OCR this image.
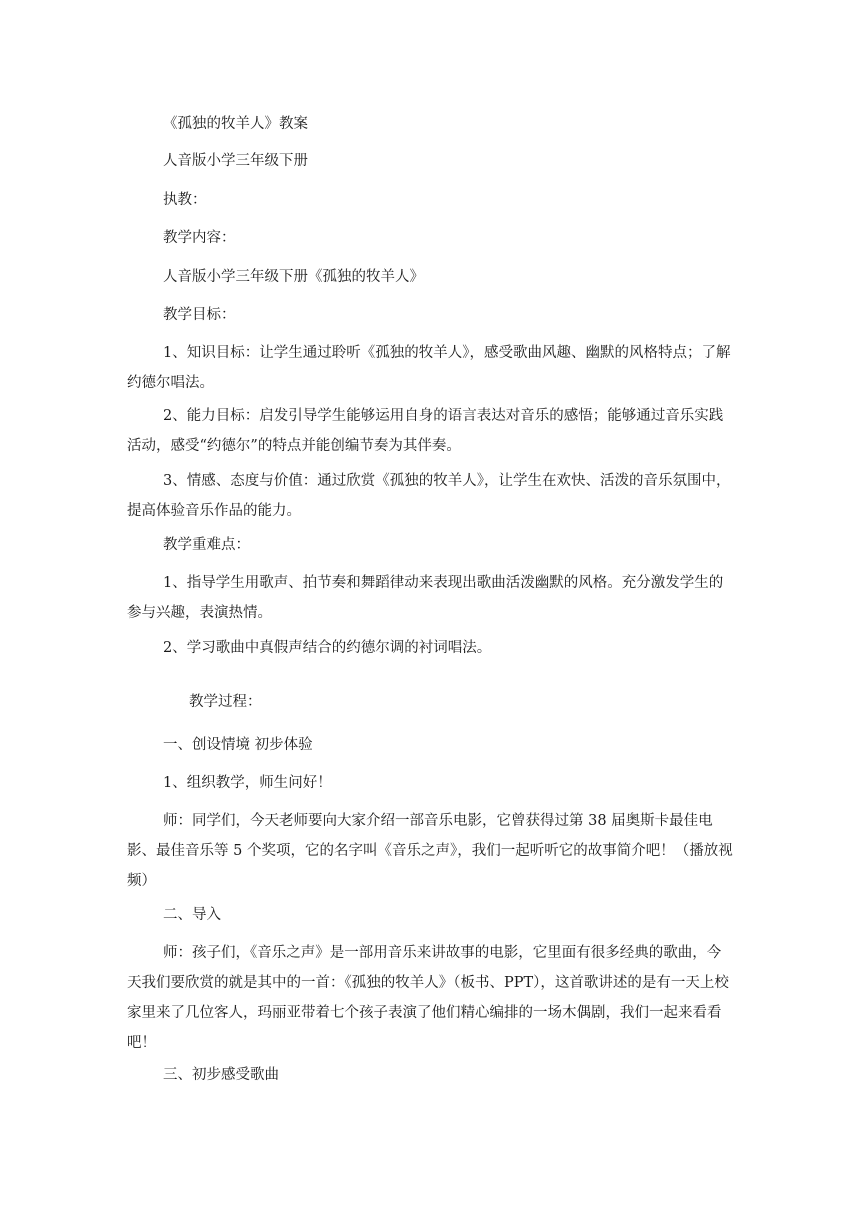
《孤独的牧羊人》教案
人音版小学三年级下册
执教：
教学内容：
人音版小学三年级下册《孤独的牧羊人》
教学目标：
1、知识目标：让学生通过聆听《孤独的牧羊人》，感受歌曲风趣、幽默的风格特点；了解约德尔唱法。
2、能力目标：启发引导学生能够运用自身的语言表达对音乐的感悟；能够通过音乐实践活动，感受“约德尔”的特点并能创编节奏为其伴奏。
3、情感、态度与价值：通过欣赏《孤独的牧羊人》，让学生在欢快、活泼的音乐氛围中，提高体验音乐作品的能力。
教学重难点：
1、指导学生用歌声、拍节奏和舞蹈律动来表现出歌曲活泼幽默的风格。充分激发学生的参与兴趣，表演热情。
2、学习歌曲中真假声结合的约德尔调的衬词唱法。
教学过程：
一、创设情境 初步体验
1、组织教学，师生问好！
师：同学们，今天老师要向大家介绍一部音乐电影，它曾获得过第 38 届奥斯卡最佳电影、最佳音乐等 5 个奖项，它的名字叫《音乐之声》，我们一起听听它的故事简介吧！（播放视频）
二、导入
师：孩子们，《音乐之声》是一部用音乐来讲故事的电影，它里面有很多经典的歌曲，今天我们要欣赏的就是其中的一首：《孤独的牧羊人》（板书、PPT），这首歌讲述的是有一天上校家里来了几位客人，玛丽亚带着七个孩子表演了他们精心编排的一场木偶剧，我们一起来看看吧！
三、初步感受歌曲
